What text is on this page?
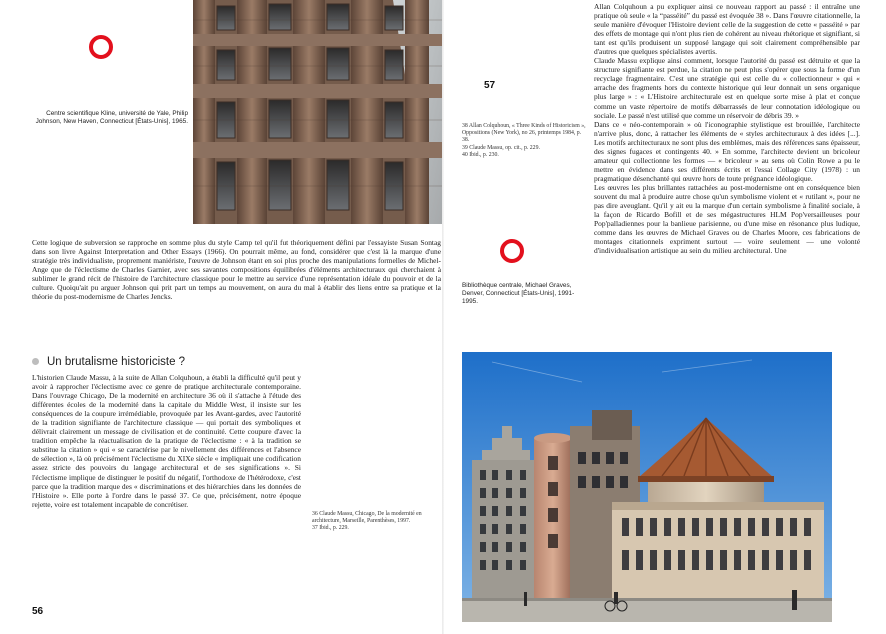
Centre scientifique Kline, université de Yale, Philip Johnson, New Haven, Connecticut [États-Unis], 1965.

Cette logique de subversion se rapproche en somme plus du style Camp tel qu'il fut théoriquement défini par l'essayiste Susan Sontag dans son livre Against Interpretation and Other Essays (1966). On pourrait même, au fond, considérer que c'est là la marque d'une stratégie très individualiste, proprement maniériste, l'œuvre de Johnson étant en soi plus proche des manipulations formelles de Michel-Ange que de l'éclectisme de Charles Garnier, avec ses savantes compositions équilibrées d'éléments architecturaux qui cherchaient à sublimer le grand récit de l'histoire de l'architecture classique pour le mettre au service d'une représentation idéale du pouvoir et de la culture. Quoiqu'ait pu arguer Johnson qui prit part un temps au mouvement, on aura du mal à établir des liens entre sa pratique et la théorie du post-modernisme de Charles Jencks.

Un brutalisme historiciste ?

L'historien Claude Massu, à la suite de Allan Colquhoun, a établi la difficulté qu'il peut y avoir à rapprocher l'éclectisme avec ce genre de pratique architecturale contemporaine. Dans l'ouvrage Chicago, De la modernité en architecture 36 où il s'attache à l'étude des différentes écoles de la modernité dans la capitale du Middle West, il insiste sur les conséquences de la coupure irrémédiable, provoquée par les Avant-gardes, avec l'autorité de la tradition signifiante de l'architecture classique — qui portait des symboliques et délivrait clairement un message de civilisation et de continuité. Cette coupure d'avec la tradition empêche la réactualisation de la pratique de l'éclectisme : « à la tradition se substitue la citation » qui « se caractérise par le nivellement des différences et l'absence de sélection », là où précisément l'éclectisme du XIXe siècle « impliquait une codification assez stricte des pouvoirs du langage architectural et de ses significations ». Si l'éclectisme implique de distinguer le positif du négatif, l'orthodoxe de l'hétérodoxe, c'est parce que la tradition marque des « discriminations et des hiérarchies dans les données de l'Histoire ». Elle porte à l'ordre dans le passé 37. Ce que, précisément, notre époque rejette, voire est totalement incapable de concrétiser.

36 Claude Massu, Chicago, De la modernité en architecture, Marseille, Parenthèses, 1997.

37 Ibid., p. 229.

56
57

38 Allan Colquhoun, « Three Kinds of Historicism », Oppositions (New York), no 26, printemps 1984, p. 38.

39 Claude Massu, op. cit., p. 229.

40 Ibid., p. 230.

Allan Colquhoun a pu expliquer ainsi ce nouveau rapport au passé : il entraîne une pratique où seule « la “passéité” du passé est évoquée 38 ». Dans l'œuvre citationnelle, la seule manière d'évoquer l'Histoire devient celle de la suggestion de cette « passéité » par des effets de montage qui n'ont plus rien de cohérent au niveau rhétorique et signifiant, si tant est qu'ils produisent un supposé langage qui soit clairement compréhensible par d'autres que quelques spécialistes avertis.

Claude Massu explique ainsi comment, lorsque l'autorité du passé est détruite et que la structure signifiante est perdue, la citation ne peut plus s'opérer que sous la forme d'un recyclage fragmentaire. C'est une stratégie qui est celle du « collectionneur » qui « arrache des fragments hors du contexte historique qui leur donnait un sens organique plus large » : « L'Histoire architecturale est en quelque sorte mise à plat et conçue comme un vaste répertoire de motifs débarrassés de leur connotation idéologique ou sociale. Le passé n'est utilisé que comme un réservoir de débris 39. »

Dans ce « néo-contemporain » où l'iconographie stylistique est brouillée, l'architecte n'arrive plus, donc, à rattacher les éléments de « styles architecturaux à des idées [...]. Les motifs architecturaux ne sont plus des emblèmes, mais des références sans épaisseur, des signes fugaces et contingents 40. » En somme, l'architecte devient un bricoleur amateur qui collectionne les formes — « bricoleur » au sens où Colin Rowe a pu le mettre en évidence dans ses différents écrits et l'essai Collage City (1978) : un pragmatique désenchanté qui œuvre hors de toute prégnance idéologique.

Les œuvres les plus brillantes rattachées au post-modernisme ont en conséquence bien souvent du mal à produire autre chose qu'un symbolisme violent et « rutilant », pour ne pas dire aveuglant. Qu'il y ait eu la marque d'un certain symbolisme à finalité sociale, à la façon de Ricardo Bofill et de ses mégastructures HLM Pop'versailleuses pour Pop'palladiennes pour la banlieue parisienne, ou d'une mise en résonance plus ludique, comme dans les œuvres de Michael Graves ou de Charles Moore, ces fabrications de montages citationnels expriment surtout — voire seulement — une volonté d'individualisation artistique au sein du milieu architectural. Une

Bibliothèque centrale, Michael Graves, Denver, Connecticut [États-Unis], 1991-1995.
